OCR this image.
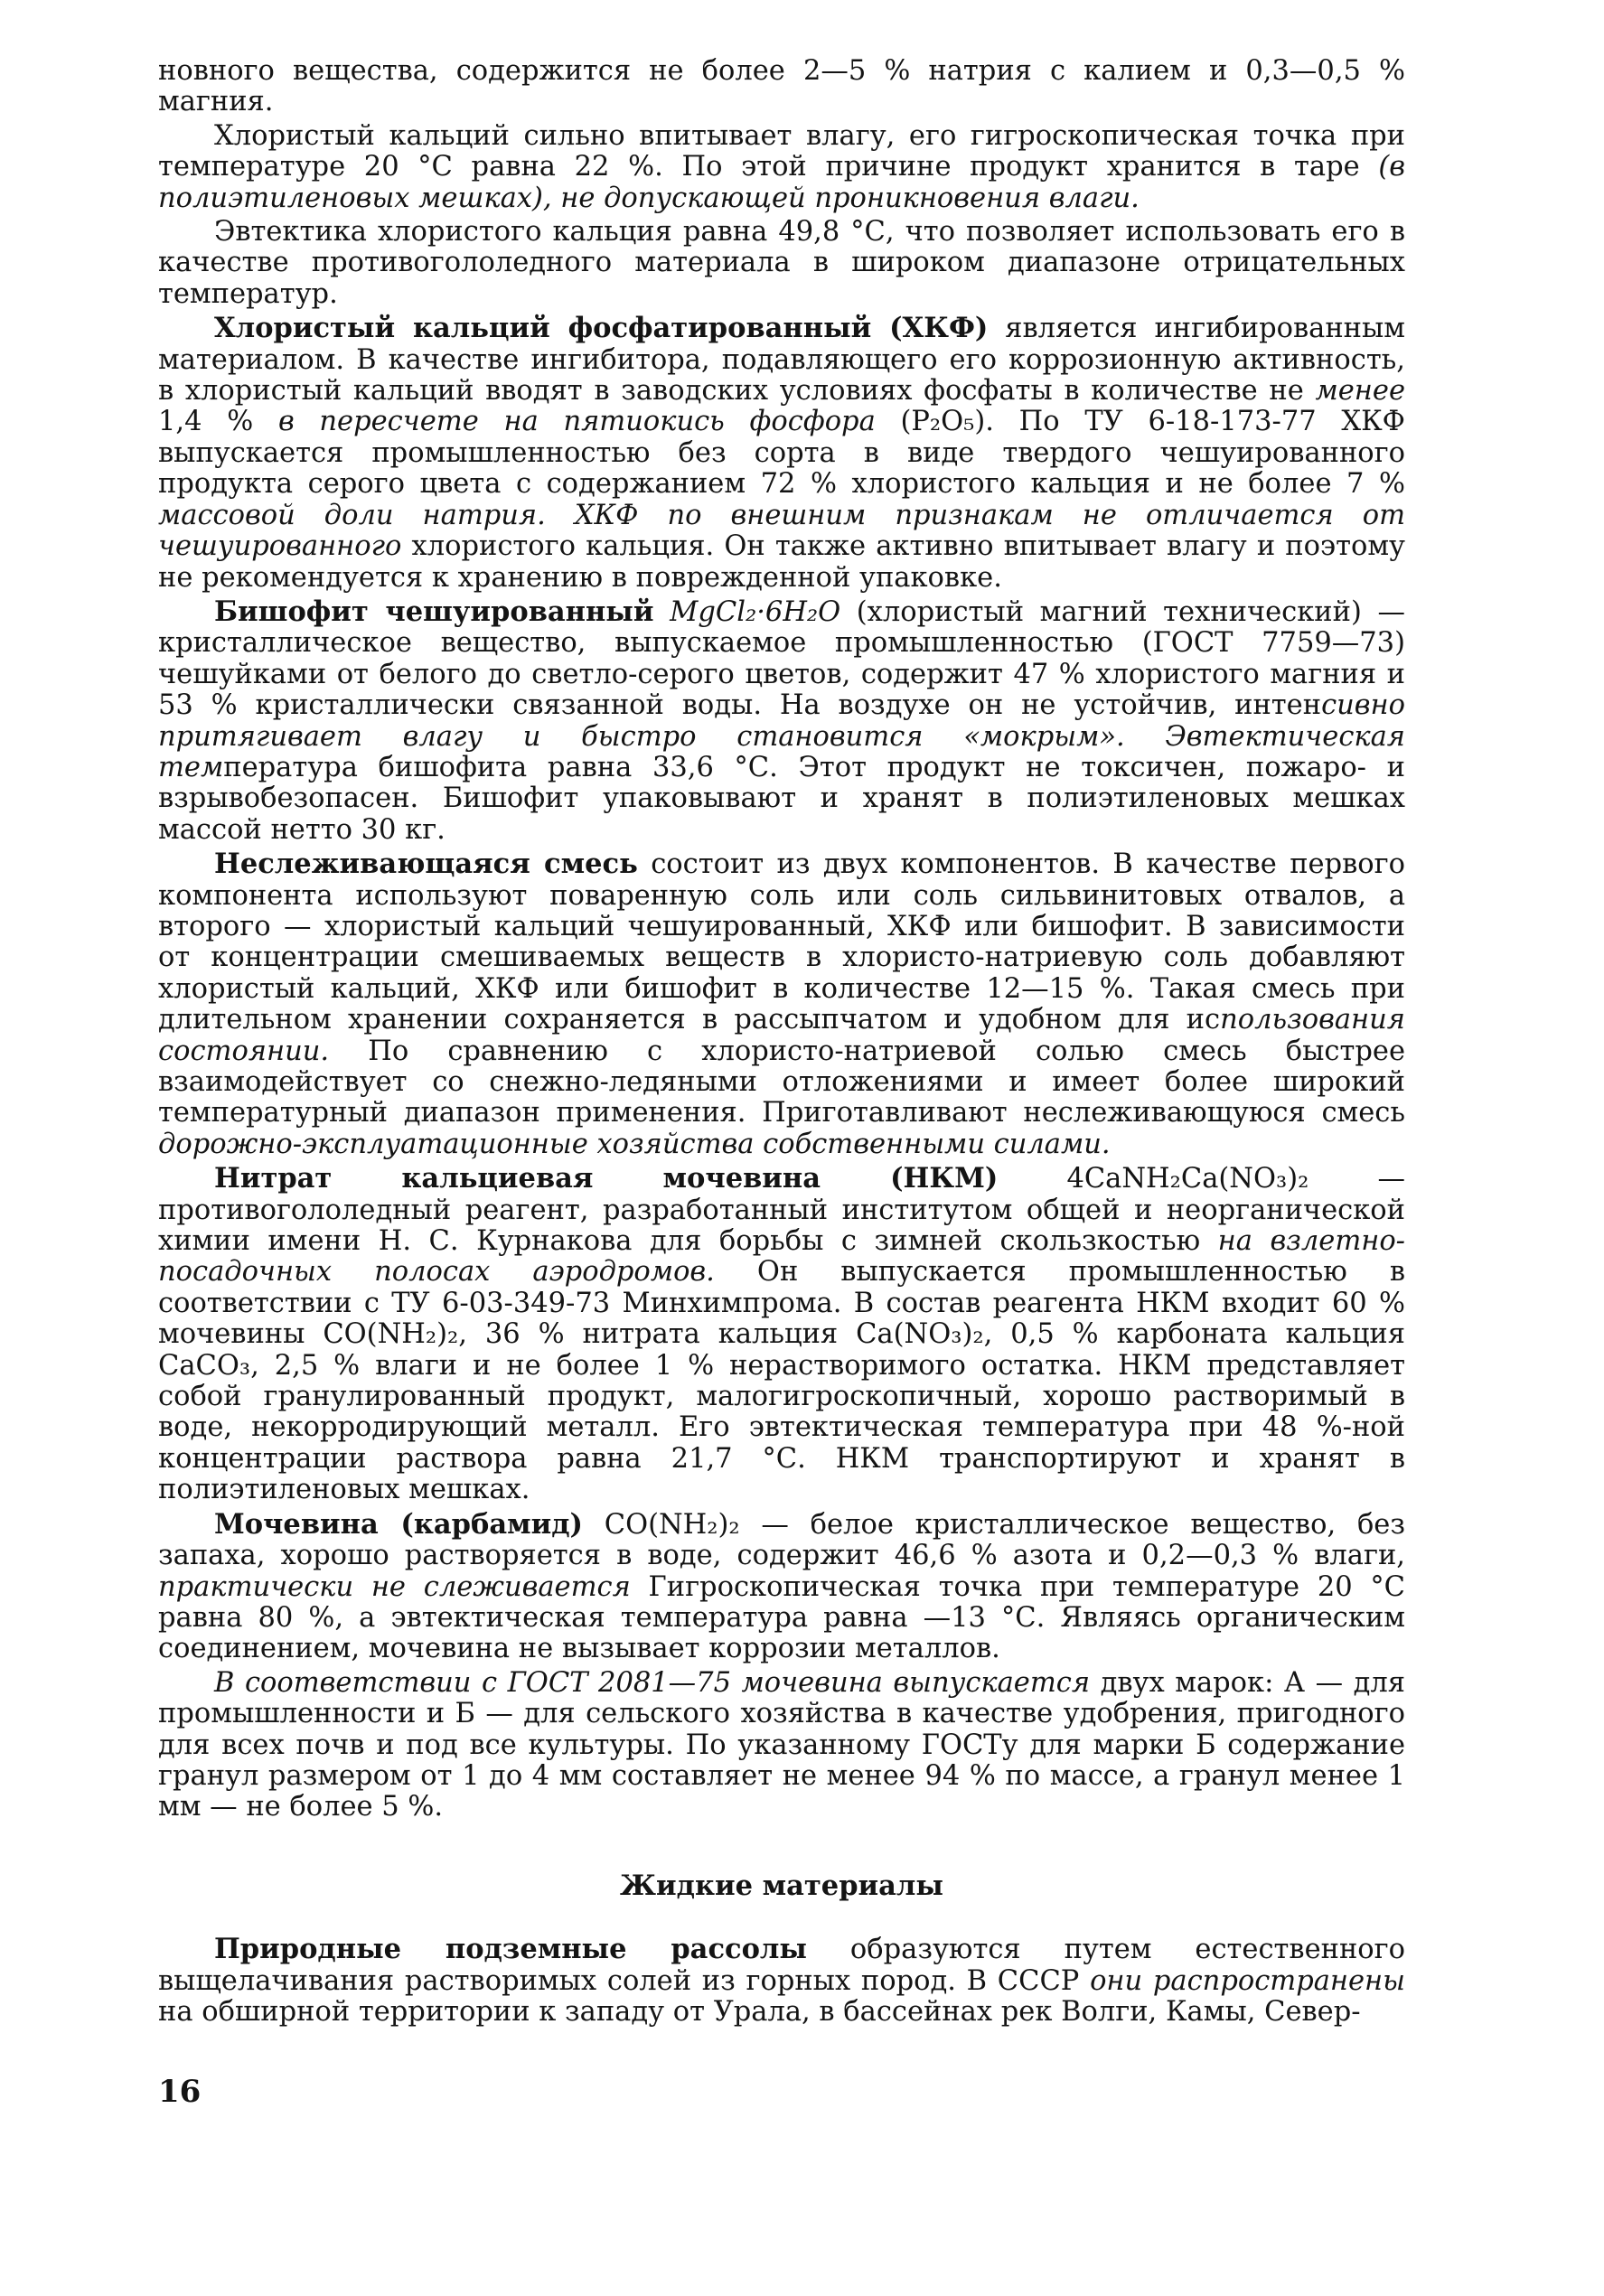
новного вещества, содержится не более 2—5 % натрия с калием и 0,3—0,5 % магния.

Хлористый кальций сильно впитывает влагу, его гигроскопическая точка при температуре 20 °С равна 22 %. По этой причине продукт хранится в таре (в полиэтиленовых мешках), не допускающей проникновения влаги.

Эвтектика хлористого кальция равна 49,8 °С, что позволяет использовать его в качестве противогололедного материала в широком диапазоне отрицательных температур.

Хлористый кальций фосфатированный (ХКФ) является ингибированным материалом. В качестве ингибитора, подавляющего его коррозионную активность, в хлористый кальций вводят в заводских условиях фосфаты в количестве не менее 1,4 % в пересчете на пятиокись фосфора (P₂O₅). По ТУ 6-18-173-77 ХКФ выпускается промышленностью без сорта в виде твердого чешуированного продукта серого цвета с содержанием 72 % хлористого кальция и не более 7 % массовой доли натрия. ХКФ по внешним признакам не отличается от чешуированного хлористого кальция. Он также активно впитывает влагу и поэтому не рекомендуется к хранению в поврежденной упаковке.

Бишофит чешуированный MgCl₂·6H₂O (хлористый магний технический) — кристаллическое вещество, выпускаемое промышленностью (ГОСТ 7759—73) чешуйками от белого до светло-серого цветов, содержит 47 % хлористого магния и 53 % кристаллически связанной воды. На воздухе он не устойчив, интенсивно притягивает влагу и быстро становится «мокрым». Эвтектическая температура бишофита равна 33,6 °С. Этот продукт не токсичен, пожаро- и взрывобезопасен. Бишофит упаковывают и хранят в полиэтиленовых мешках массой нетто 30 кг.

Неслеживающаяся смесь состоит из двух компонентов. В качестве первого компонента используют поваренную соль или соль сильвинитовых отвалов, а второго — хлористый кальций чешуированный, ХКФ или бишофит. В зависимости от концентрации смешиваемых веществ в хлористо-натриевую соль добавляют хлористый кальций, ХКФ или бишофит в количестве 12—15 %. Такая смесь при длительном хранении сохраняется в рассыпчатом и удобном для использования состоянии. По сравнению с хлористо-натриевой солью смесь быстрее взаимодействует со снежно-ледяными отложениями и имеет более широкий температурный диапазон применения. Приготавливают неслеживающуюся смесь дорожно-эксплуатационные хозяйства собственными силами.

Нитрат кальциевая мочевина (НКМ) 4CaNH₂Ca(NO₃)₂ — противогололедный реагент, разработанный институтом общей и неорганической химии имени Н. С. Курнакова для борьбы с зимней скользкостью на взлетно-посадочных полосах аэродромов. Он выпускается промышленностью в соответствии с ТУ 6-03-349-73 Минхимпрома. В состав реагента НКМ входит 60 % мочевины CO(NH₂)₂, 36 % нитрата кальция Ca(NO₃)₂, 0,5 % карбоната кальция CaCO₃, 2,5 % влаги и не более 1 % нерастворимого остатка. НКМ представляет собой гранулированный продукт, малогигроскопичный, хорошо растворимый в воде, некорродирующий металл. Его эвтектическая температура при 48 %-ной концентрации раствора равна 21,7 °С. НКМ транспортируют и хранят в полиэтиленовых мешках.

Мочевина (карбамид) CO(NH₂)₂ — белое кристаллическое вещество, без запаха, хорошо растворяется в воде, содержит 46,6 % азота и 0,2—0,3 % влаги, практически не слеживается Гигроскопическая точка при температуре 20 °С равна 80 %, а эвтектическая температура равна —13 °С. Являясь органическим соединением, мочевина не вызывает коррозии металлов.

В соответствии с ГОСТ 2081—75 мочевина выпускается двух марок: А — для промышленности и Б — для сельского хозяйства в качестве удобрения, пригодного для всех почв и под все культуры. По указанному ГОСТу для марки Б содержание гранул размером от 1 до 4 мм составляет не менее 94 % по массе, а гранул менее 1 мм — не более 5 %.

Жидкие материалы

Природные подземные рассолы образуются путем естественного выщелачивания растворимых солей из горных пород. В СССР они распространены на обширной территории к западу от Урала, в бассейнах рек Волги, Камы, Север-

16
